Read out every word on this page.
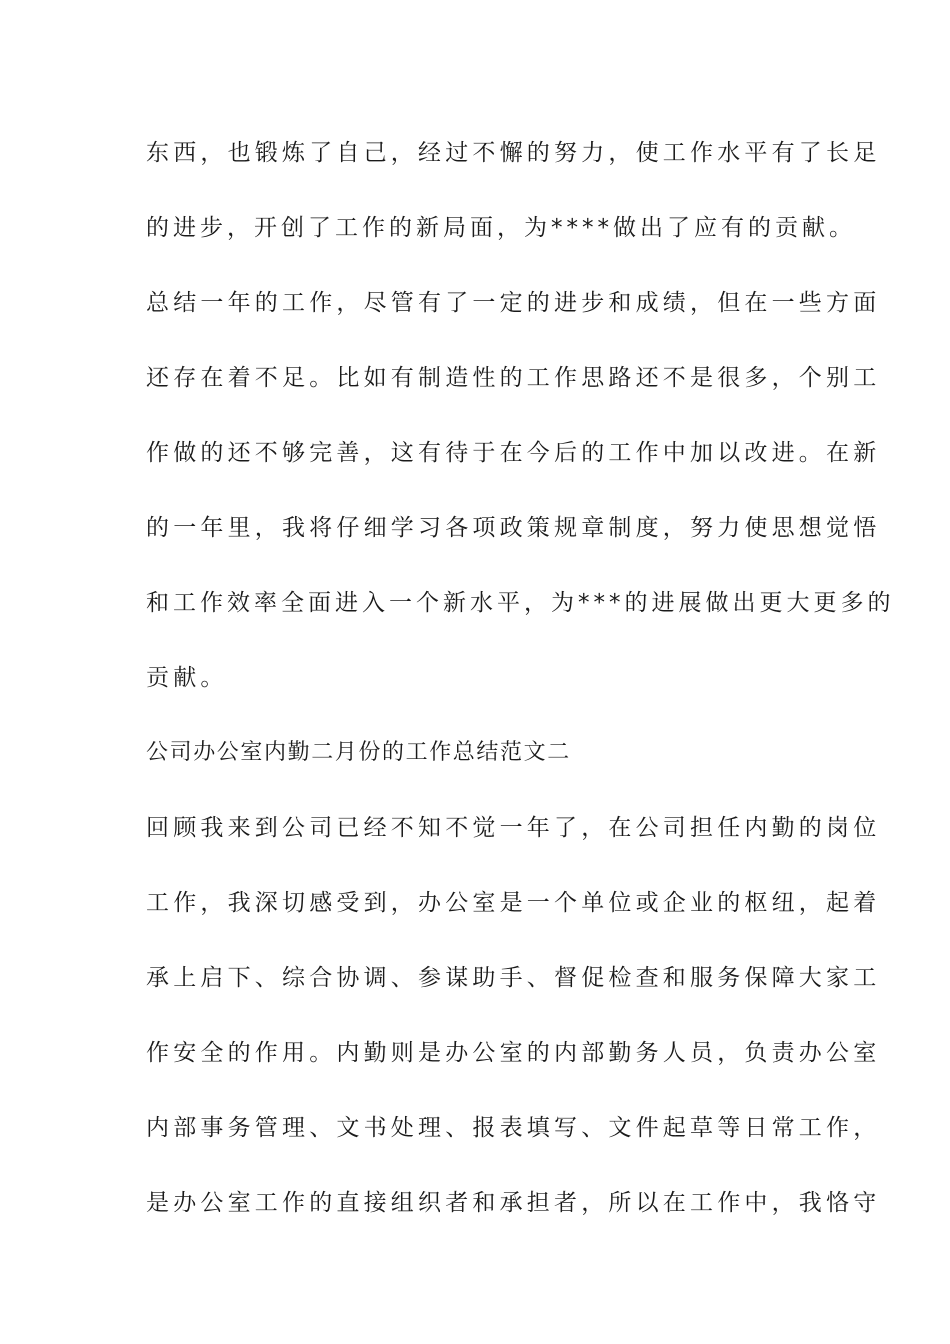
东西，也锻炼了自己，经过不懈的努力，使工作水平有了长足
的进步，开创了工作的新局面，为****做出了应有的贡献。
总结一年的工作，尽管有了一定的进步和成绩，但在一些方面
还存在着不足。比如有制造性的工作思路还不是很多，个别工
作做的还不够完善，这有待于在今后的工作中加以改进。在新
的一年里，我将仔细学习各项政策规章制度，努力使思想觉悟
和工作效率全面进入一个新水平，为***的进展做出更大更多的
贡献。
公司办公室内勤二月份的工作总结范文二
回顾我来到公司已经不知不觉一年了，在公司担任内勤的岗位
工作，我深切感受到，办公室是一个单位或企业的枢纽，起着
承上启下、综合协调、参谋助手、督促检查和服务保障大家工
作安全的作用。内勤则是办公室的内部勤务人员，负责办公室
内部事务管理、文书处理、报表填写、文件起草等日常工作，
是办公室工作的直接组织者和承担者，所以在工作中，我恪守
